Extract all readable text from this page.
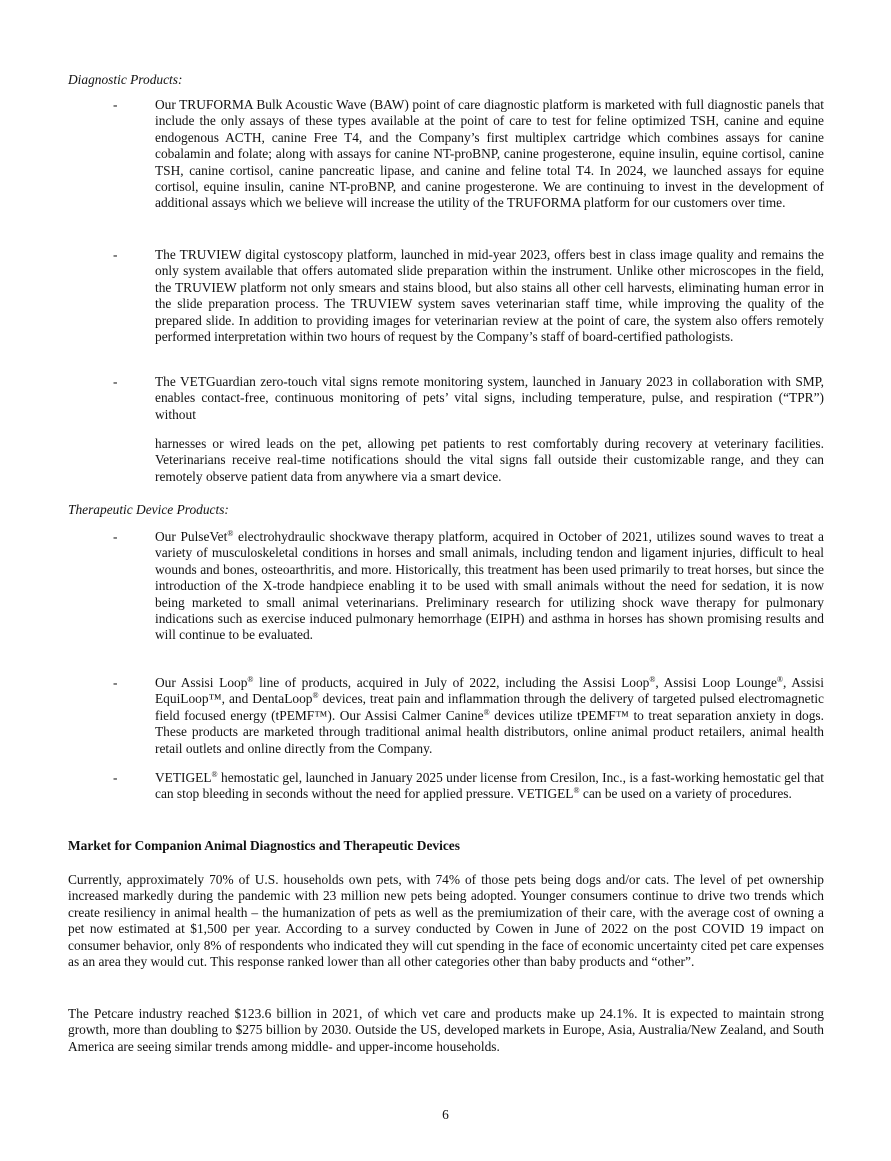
Diagnostic Products:
-	Our TRUFORMA Bulk Acoustic Wave (BAW) point of care diagnostic platform is marketed with full diagnostic panels that include the only assays of these types available at the point of care to test for feline optimized TSH, canine and equine endogenous ACTH, canine Free T4, and the Company’s first multiplex cartridge which combines assays for canine cobalamin and folate; along with assays for canine NT-proBNP, canine progesterone, equine insulin, equine cortisol, canine TSH, canine cortisol, canine pancreatic lipase, and canine and feline total T4. In 2024, we launched assays for equine cortisol, equine insulin, canine NT-proBNP, and canine progesterone. We are continuing to invest in the development of additional assays which we believe will increase the utility of the TRUFORMA platform for our customers over time.
-	The TRUVIEW digital cystoscopy platform, launched in mid-year 2023, offers best in class image quality and remains the only system available that offers automated slide preparation within the instrument. Unlike other microscopes in the field, the TRUVIEW platform not only smears and stains blood, but also stains all other cell harvests, eliminating human error in the slide preparation process. The TRUVIEW system saves veterinarian staff time, while improving the quality of the prepared slide. In addition to providing images for veterinarian review at the point of care, the system also offers remotely performed interpretation within two hours of request by the Company’s staff of board-certified pathologists.
-	The VETGuardian zero-touch vital signs remote monitoring system, launched in January 2023 in collaboration with SMP, enables contact-free, continuous monitoring of pets’ vital signs, including temperature, pulse, and respiration (“TPR”) without
harnesses or wired leads on the pet, allowing pet patients to rest comfortably during recovery at veterinary facilities. Veterinarians receive real-time notifications should the vital signs fall outside their customizable range, and they can remotely observe patient data from anywhere via a smart device.
Therapeutic Device Products:
-	Our PulseVet® electrohydraulic shockwave therapy platform, acquired in October of 2021, utilizes sound waves to treat a variety of musculoskeletal conditions in horses and small animals, including tendon and ligament injuries, difficult to heal wounds and bones, osteoarthritis, and more. Historically, this treatment has been used primarily to treat horses, but since the introduction of the X-trode handpiece enabling it to be used with small animals without the need for sedation, it is now being marketed to small animal veterinarians. Preliminary research for utilizing shock wave therapy for pulmonary indications such as exercise induced pulmonary hemorrhage (EIPH) and asthma in horses has shown promising results and will continue to be evaluated.
-	Our Assisi Loop® line of products, acquired in July of 2022, including the Assisi Loop®, Assisi Loop Lounge®, Assisi EquiLoop™, and DentaLoop® devices, treat pain and inflammation through the delivery of targeted pulsed electromagnetic field focused energy (tPEMF™). Our Assisi Calmer Canine® devices utilize tPEMF™ to treat separation anxiety in dogs. These products are marketed through traditional animal health distributors, online animal product retailers, animal health retail outlets and online directly from the Company.
-	VETIGEL® hemostatic gel, launched in January 2025 under license from Cresilon, Inc., is a fast-working hemostatic gel that can stop bleeding in seconds without the need for applied pressure. VETIGEL® can be used on a variety of procedures.
Market for Companion Animal Diagnostics and Therapeutic Devices
Currently, approximately 70% of U.S. households own pets, with 74% of those pets being dogs and/or cats. The level of pet ownership increased markedly during the pandemic with 23 million new pets being adopted. Younger consumers continue to drive two trends which create resiliency in animal health – the humanization of pets as well as the premiumization of their care, with the average cost of owning a pet now estimated at $1,500 per year. According to a survey conducted by Cowen in June of 2022 on the post COVID 19 impact on consumer behavior, only 8% of respondents who indicated they will cut spending in the face of economic uncertainty cited pet care expenses as an area they would cut. This response ranked lower than all other categories other than baby products and “other”.
The Petcare industry reached $123.6 billion in 2021, of which vet care and products make up 24.1%. It is expected to maintain strong growth, more than doubling to $275 billion by 2030. Outside the US, developed markets in Europe, Asia, Australia/New Zealand, and South America are seeing similar trends among middle- and upper-income households.
6
